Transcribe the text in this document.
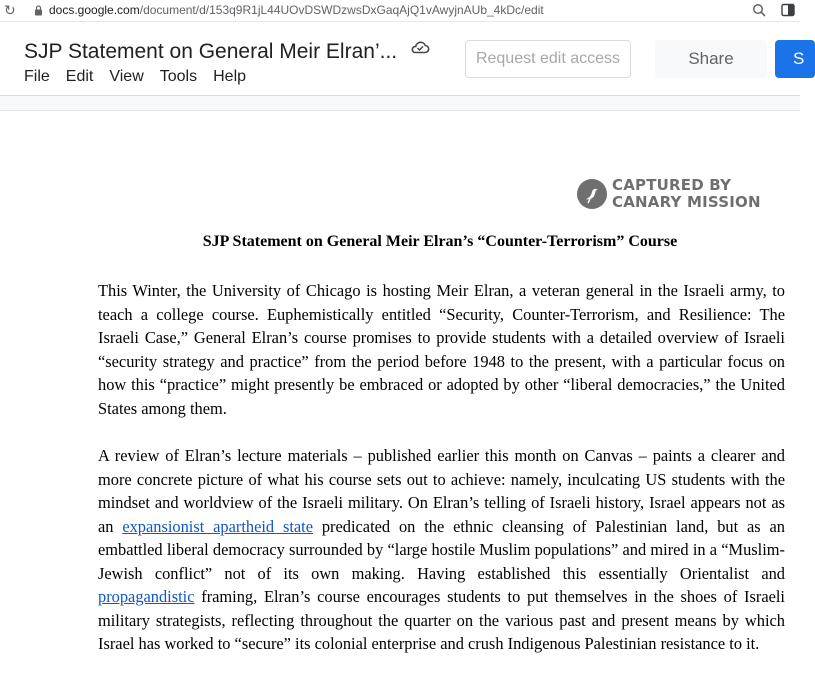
↻	docs.google.com/document/d/153q9R1jL44UOvDSWDzwsDxGaqAjQ1vAwyjnAUb_4kDc/edit
SJP Statement on General Meir Elran’...
File Edit View Tools Help
Request edit access	Share	S
CAPTURED BY
CANARY MISSION
SJP Statement on General Meir Elran’s “Counter-Terrorism” Course

This Winter, the University of Chicago is hosting Meir Elran, a veteran general in the Israeli army, to teach a college course. Euphemistically entitled “Security, Counter-Terrorism, and Resilience: The Israeli Case,” General Elran’s course promises to provide students with a detailed overview of Israeli “security strategy and practice” from the period before 1948 to the present, with a particular focus on how this “practice” might presently be embraced or adopted by other “liberal democracies,” the United States among them.

A review of Elran’s lecture materials – published earlier this month on Canvas – paints a clearer and more concrete picture of what his course sets out to achieve: namely, inculcating US students with the mindset and worldview of the Israeli military. On Elran’s telling of Israeli history, Israel appears not as an expansionist apartheid state predicated on the ethnic cleansing of Palestinian land, but as an embattled liberal democracy surrounded by “large hostile Muslim populations” and mired in a “Muslim-Jewish conflict” not of its own making. Having established this essentially Orientalist and propagandistic framing, Elran’s course encourages students to put themselves in the shoes of Israeli military strategists, reflecting throughout the quarter on the various past and present means by which Israel has worked to “secure” its colonial enterprise and crush Indigenous Palestinian resistance to it.
